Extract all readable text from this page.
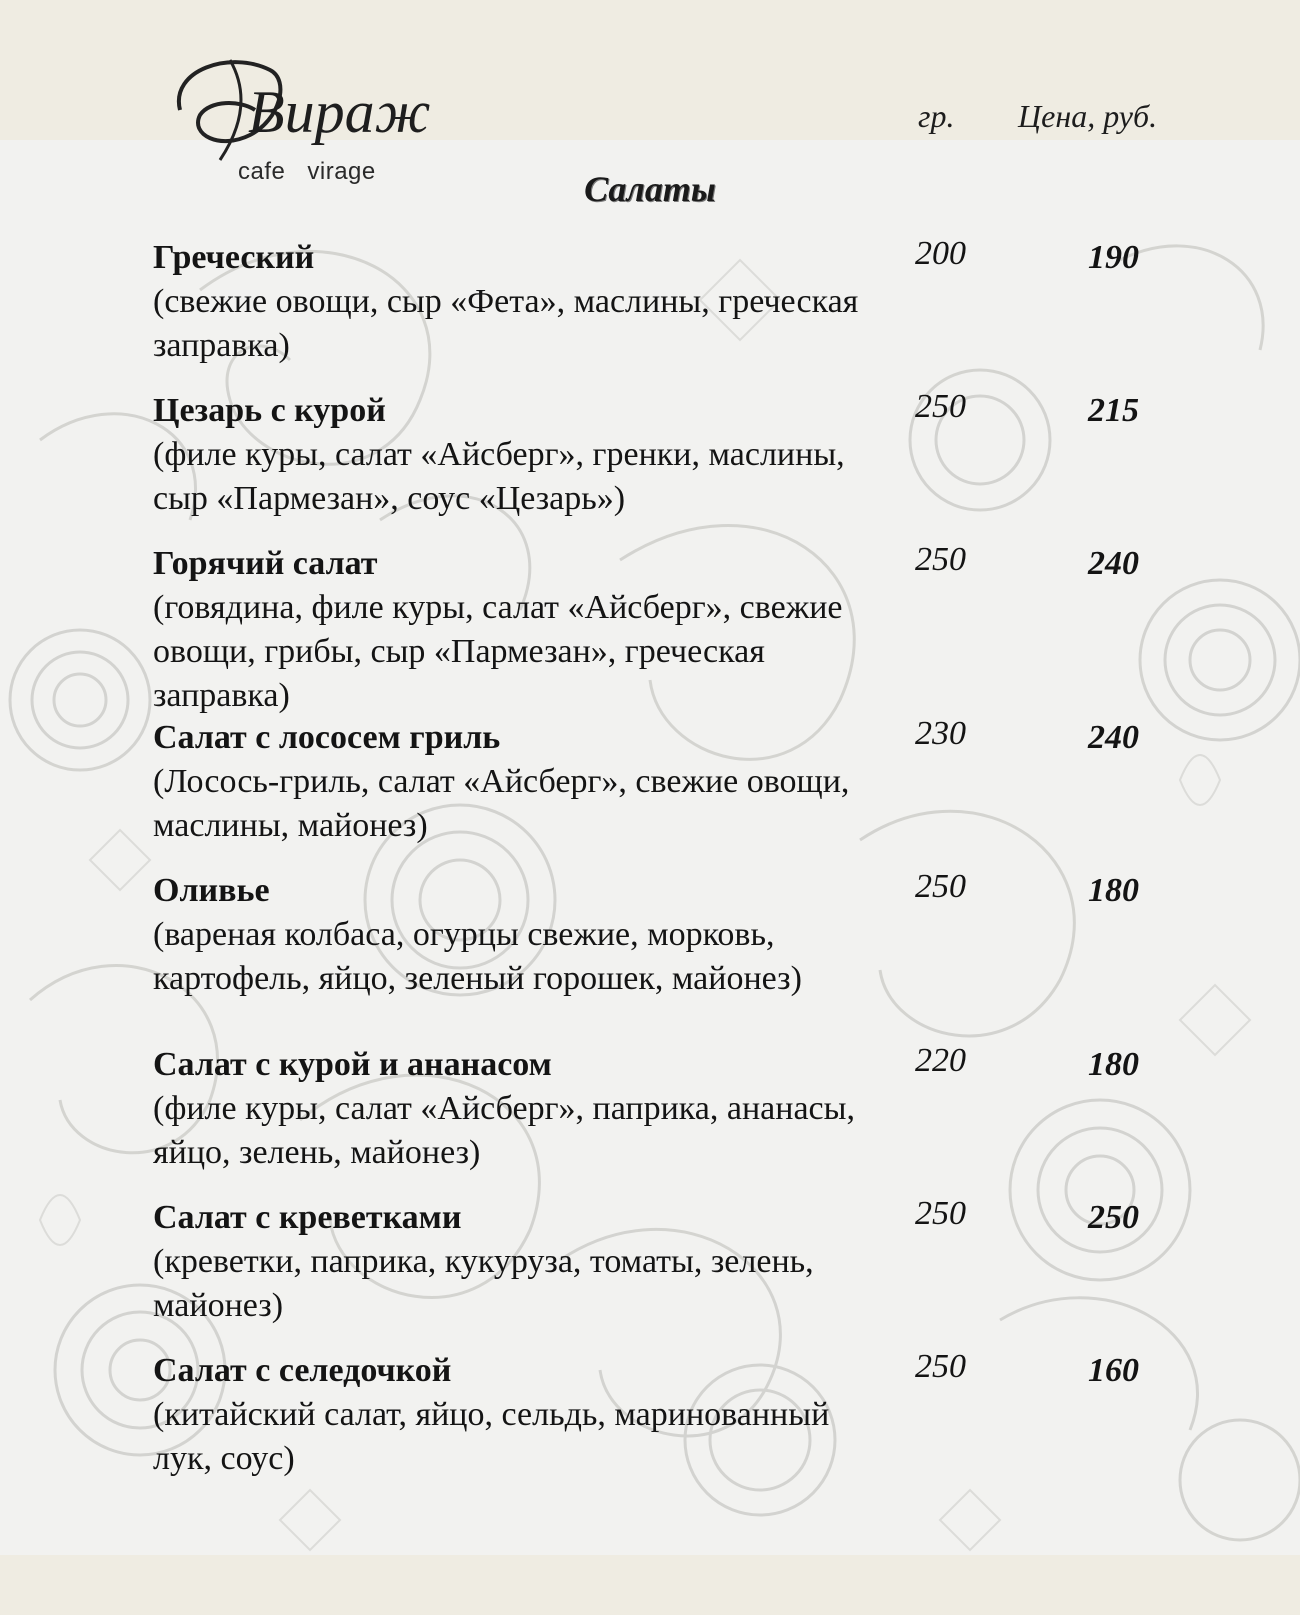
Вираж
cafe virage
гр. Цена, руб.
Салаты
Греческий
(свежие овощи, сыр «Фета», маслины, греческая заправка)
200	190
Цезарь с курой
(филе куры, салат «Айсберг», гренки, маслины, сыр «Пармезан», соус «Цезарь»)
250	215
Горячий салат
(говядина, филе куры, салат «Айсберг», свежие овощи, грибы, сыр «Пармезан», греческая заправка)
250	240
Салат с лососем гриль
(Лосось-гриль, салат «Айсберг», свежие овощи, маслины, майонез)
230	240
Оливье
(вареная колбаса, огурцы свежие, морковь, картофель, яйцо, зеленый горошек, майонез)
250	180
Салат с курой и ананасом
(филе куры, салат «Айсберг», паприка, ананасы, яйцо, зелень, майонез)
220	180
Салат с креветками
(креветки, паприка, кукуруза, томаты, зелень, майонез)
250	250
Салат с селедочкой
(китайский салат, яйцо, сельдь, маринованный лук, соус)
250	160
